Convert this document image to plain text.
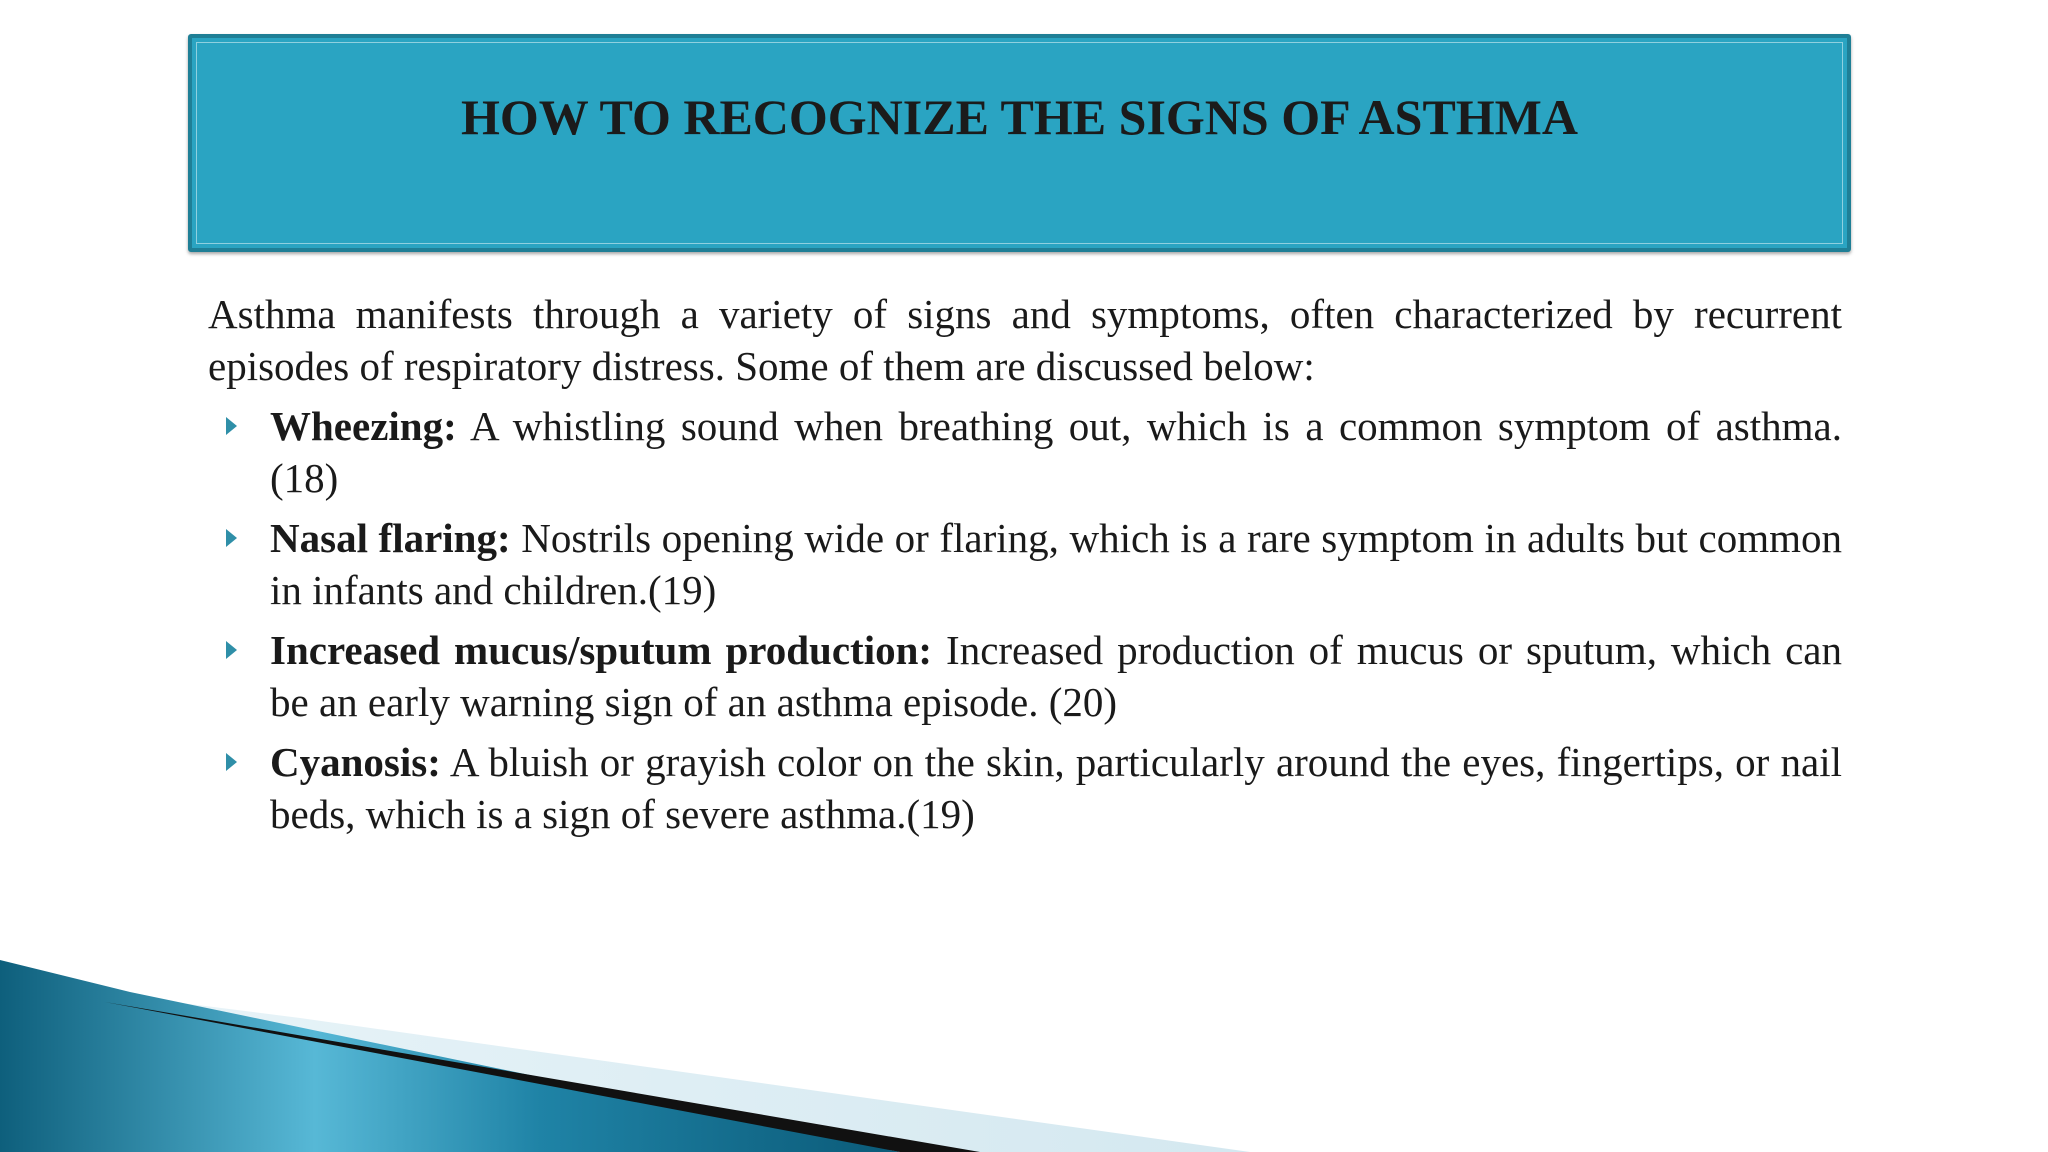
HOW TO RECOGNIZE THE SIGNS OF ASTHMA

Asthma manifests through a variety of signs and symptoms, often characterized by recurrent episodes of respiratory distress. Some of them are discussed below:

Wheezing: A whistling sound when breathing out, which is a common symptom of asthma.(18)
Nasal flaring: Nostrils opening wide or flaring, which is a rare symptom in adults but common in infants and children.(19)
Increased mucus/sputum production: Increased production of mucus or sputum, which can be an early warning sign of an asthma episode. (20)
Cyanosis: A bluish or grayish color on the skin, particularly around the eyes, fingertips, or nail beds, which is a sign of severe asthma.(19)
